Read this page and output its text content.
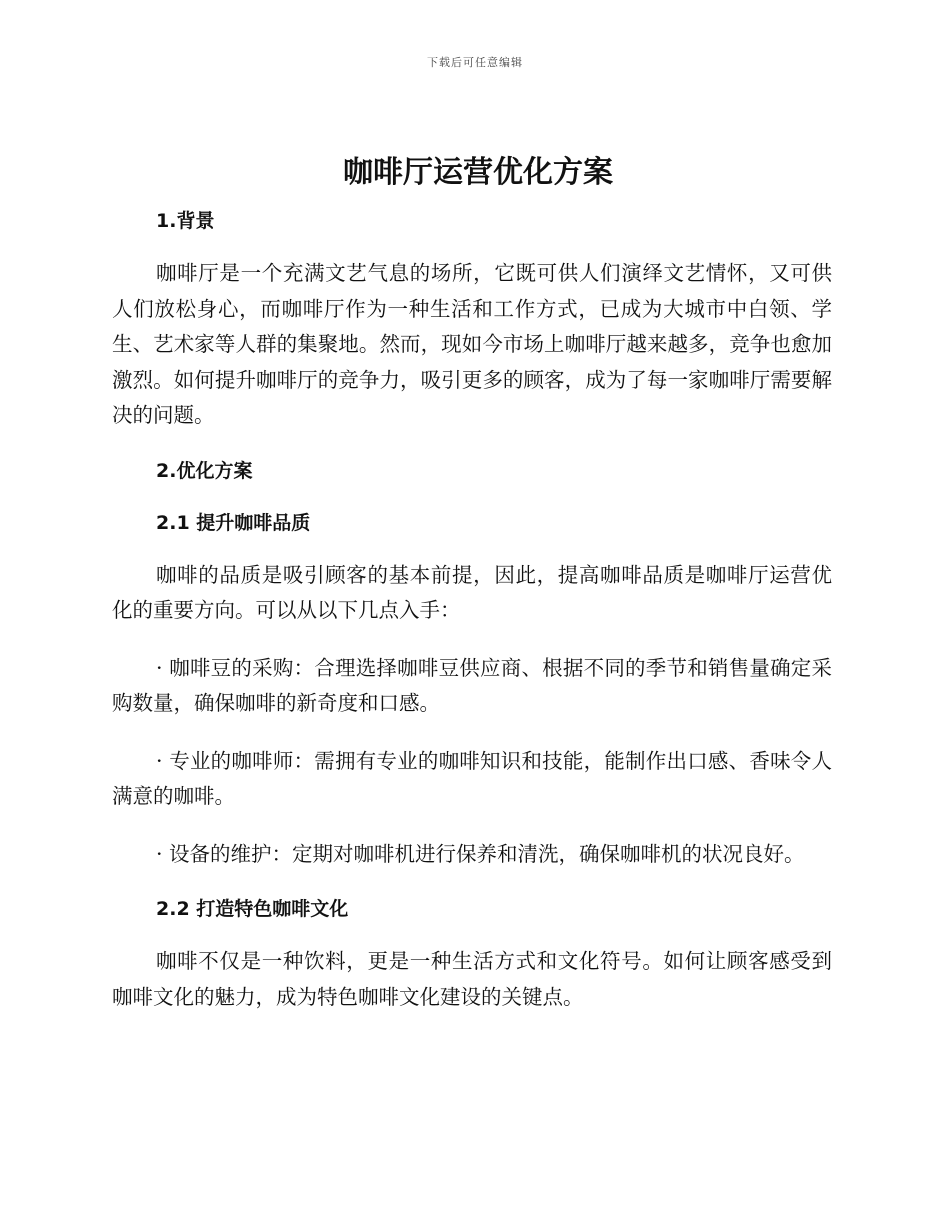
下载后可任意编辑
咖啡厅运营优化方案
1.背景

咖啡厅是一个充满文艺气息的场所，它既可供人们演绎文艺情怀，又可供人们放松身心，而咖啡厅作为一种生活和工作方式，已成为大城市中白领、学生、艺术家等人群的集聚地。然而，现如今市场上咖啡厅越来越多，竞争也愈加激烈。如何提升咖啡厅的竞争力，吸引更多的顾客，成为了每一家咖啡厅需要解决的问题。

2.优化方案
2.1 提升咖啡品质

咖啡的品质是吸引顾客的基本前提，因此，提高咖啡品质是咖啡厅运营优化的重要方向。可以从以下几点入手：

· 咖啡豆的采购：合理选择咖啡豆供应商、根据不同的季节和销售量确定采购数量，确保咖啡的新奇度和口感。

· 专业的咖啡师：需拥有专业的咖啡知识和技能，能制作出口感、香味令人满意的咖啡。

· 设备的维护：定期对咖啡机进行保养和清洗，确保咖啡机的状况良好。

2.2 打造特色咖啡文化

咖啡不仅是一种饮料，更是一种生活方式和文化符号。如何让顾客感受到咖啡文化的魅力，成为特色咖啡文化建设的关键点。
